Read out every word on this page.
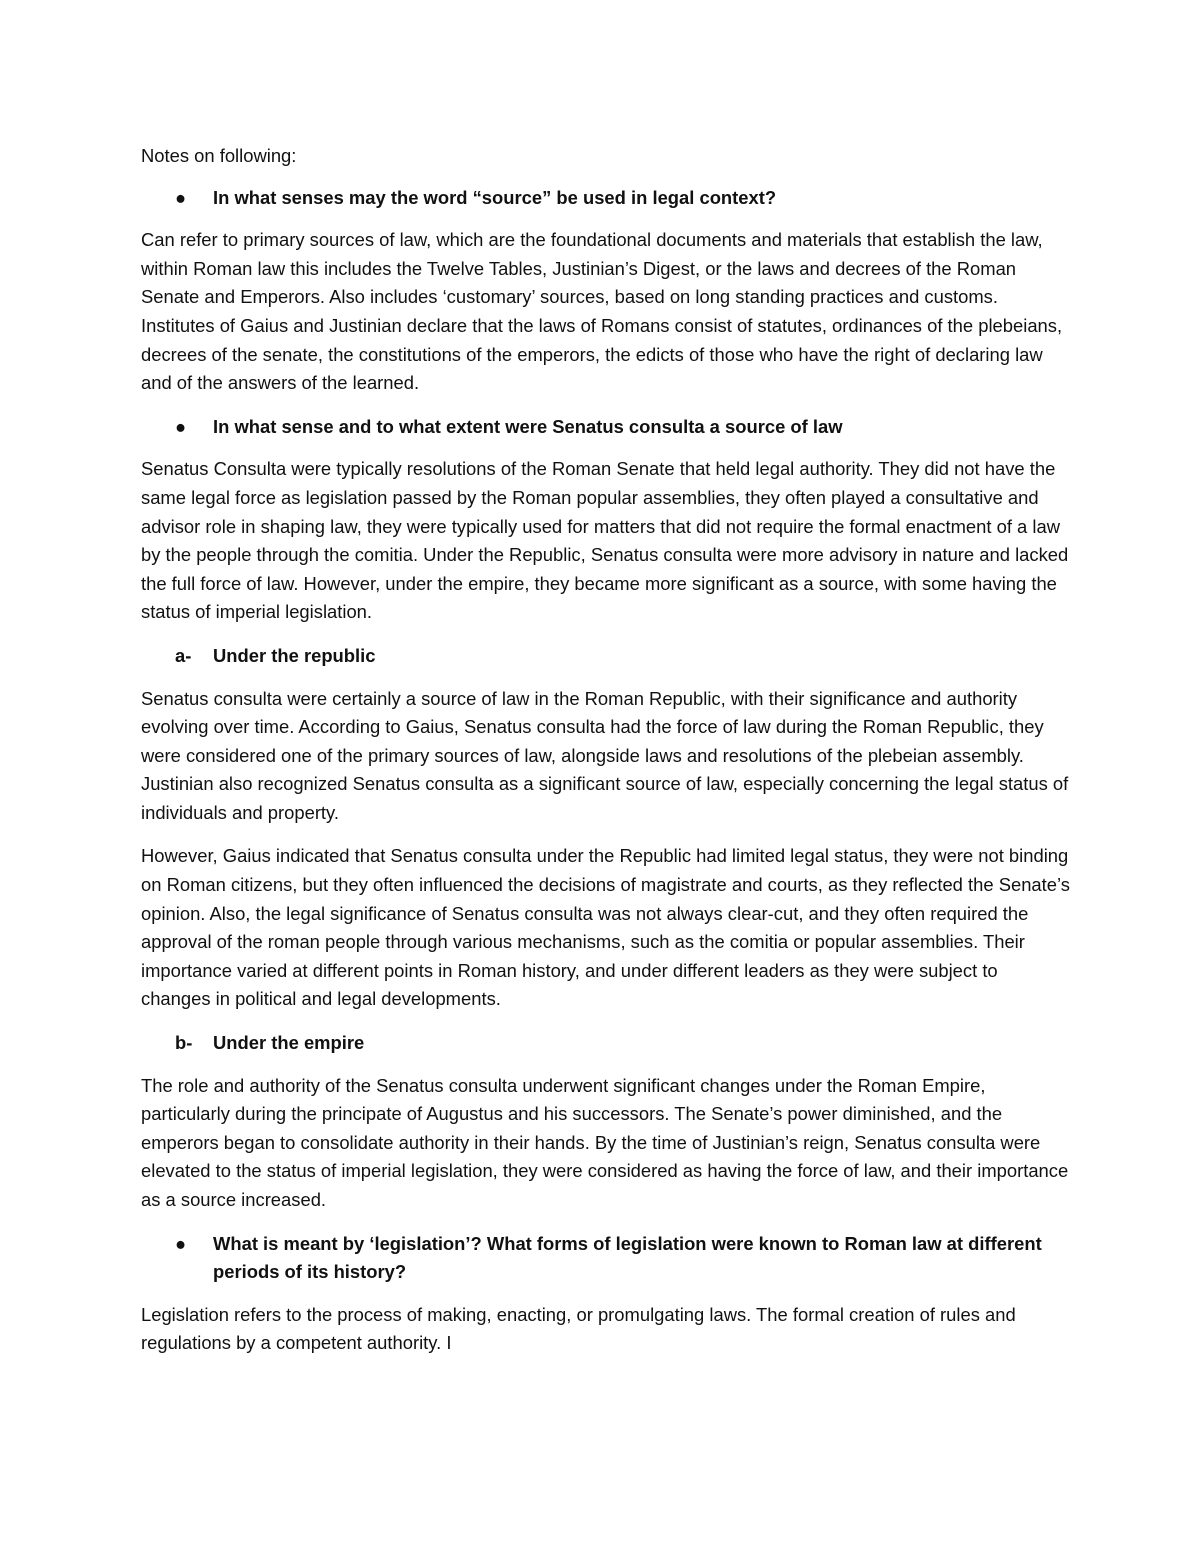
Notes on following:

● In what senses may the word “source” be used in legal context?

Can refer to primary sources of law, which are the foundational documents and materials that establish the law, within Roman law this includes the Twelve Tables, Justinian’s Digest, or the laws and decrees of the Roman Senate and Emperors. Also includes ‘customary’ sources, based on long standing practices and customs. Institutes of Gaius and Justinian declare that the laws of Romans consist of statutes, ordinances of the plebeians, decrees of the senate, the constitutions of the emperors, the edicts of those who have the right of declaring law and of the answers of the learned.

● In what sense and to what extent were Senatus consulta a source of law

Senatus Consulta were typically resolutions of the Roman Senate that held legal authority. They did not have the same legal force as legislation passed by the Roman popular assemblies, they often played a consultative and advisor role in shaping law, they were typically used for matters that did not require the formal enactment of a law by the people through the comitia. Under the Republic, Senatus consulta were more advisory in nature and lacked the full force of law. However, under the empire, they became more significant as a source, with some having the status of imperial legislation.

a- Under the republic

Senatus consulta were certainly a source of law in the Roman Republic, with their significance and authority evolving over time. According to Gaius, Senatus consulta had the force of law during the Roman Republic, they were considered one of the primary sources of law, alongside laws and resolutions of the plebeian assembly. Justinian also recognized Senatus consulta as a significant source of law, especially concerning the legal status of individuals and property.

However, Gaius indicated that Senatus consulta under the Republic had limited legal status, they were not binding on Roman citizens, but they often influenced the decisions of magistrate and courts, as they reflected the Senate’s opinion. Also, the legal significance of Senatus consulta was not always clear-cut, and they often required the approval of the roman people through various mechanisms, such as the comitia or popular assemblies. Their importance varied at different points in Roman history, and under different leaders as they were subject to changes in political and legal developments.

b- Under the empire

The role and authority of the Senatus consulta underwent significant changes under the Roman Empire, particularly during the principate of Augustus and his successors. The Senate’s power diminished, and the emperors began to consolidate authority in their hands. By the time of Justinian’s reign, Senatus consulta were elevated to the status of imperial legislation, they were considered as having the force of law, and their importance as a source increased.

● What is meant by ‘legislation’? What forms of legislation were known to Roman law at different periods of its history?

Legislation refers to the process of making, enacting, or promulgating laws. The formal creation of rules and regulations by a competent authority. I
